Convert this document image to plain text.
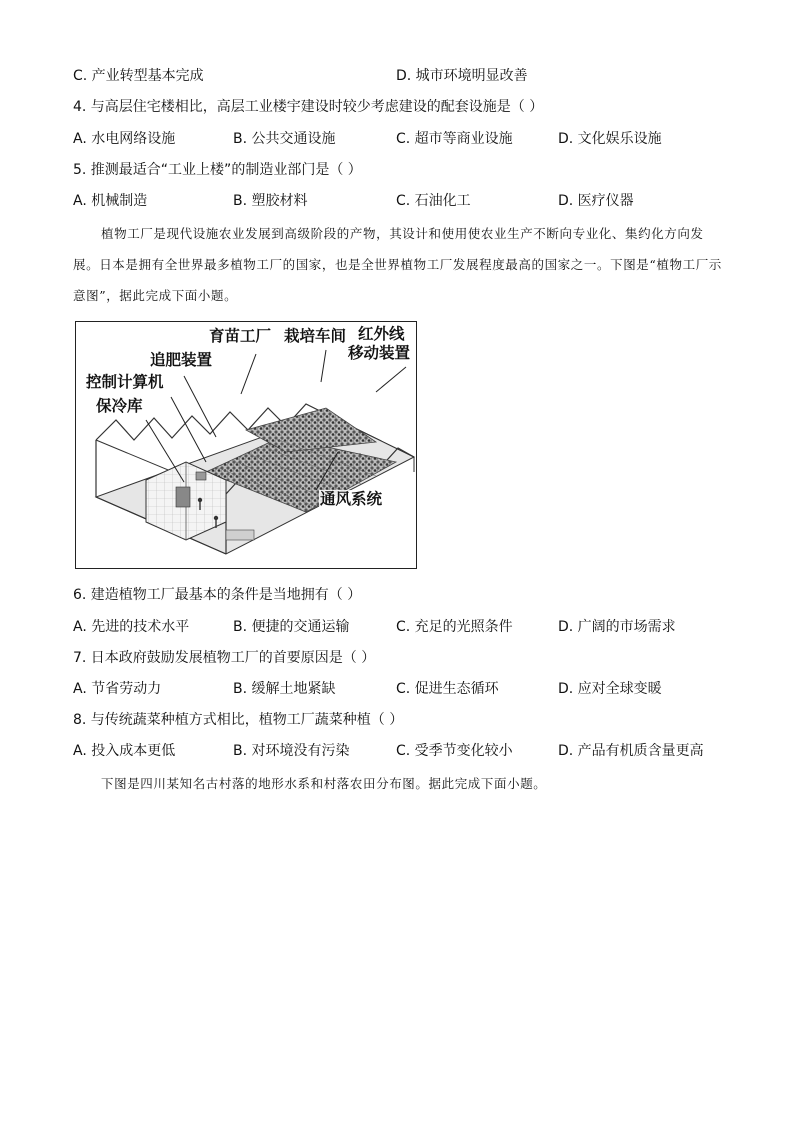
C. 产业转型基本完成	D. 城市环境明显改善
4. 与高层住宅楼相比，高层工业楼宇建设时较少考虑建设的配套设施是（ ）
A. 水电网络设施	B. 公共交通设施	C. 超市等商业设施	D. 文化娱乐设施
5. 推测最适合“工业上楼”的制造业部门是（ ）
A. 机械制造	B. 塑胶材料	C. 石油化工	D. 医疗仪器

植物工厂是现代设施农业发展到高级阶段的产物，其设计和使用使农业生产不断向专业化、集约化方向发展。日本是拥有全世界最多植物工厂的国家，也是全世界植物工厂发展程度最高的国家之一。下图是“植物工厂示意图”，据此完成下面小题。

育苗工厂 栽培车间 红外线
移动装置
追肥装置
控制计算机
保冷库
通风系统
6. 建造植物工厂最基本的条件是当地拥有（ ）
A. 先进的技术水平	B. 便捷的交通运输	C. 充足的光照条件	D. 广阔的市场需求
7. 日本政府鼓励发展植物工厂的首要原因是（ ）
A. 节省劳动力	B. 缓解土地紧缺	C. 促进生态循环	D. 应对全球变暖
8. 与传统蔬菜种植方式相比，植物工厂蔬菜种植（ ）
A. 投入成本更低	B. 对环境没有污染	C. 受季节变化较小	D. 产品有机质含量更高

下图是四川某知名古村落的地形水系和村落农田分布图。据此完成下面小题。
